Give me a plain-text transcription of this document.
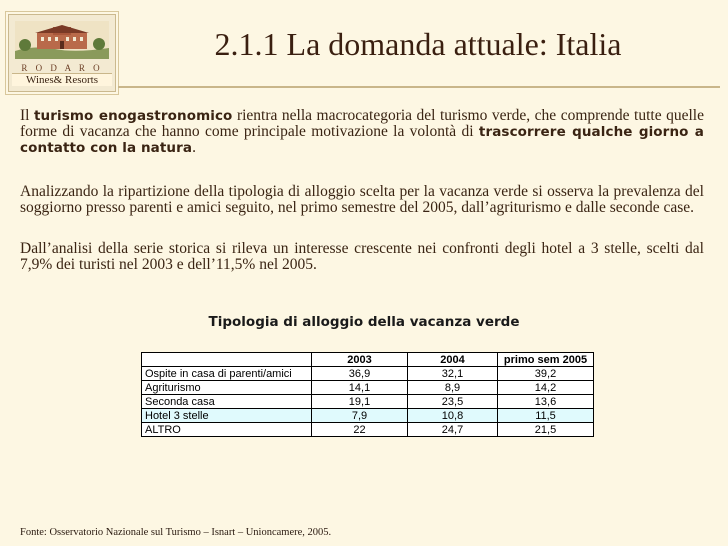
R O D A R O
Wines& Resorts
2.1.1 La domanda attuale: Italia
Il turismo enogastronomico rientra nella macrocategoria del turismo verde, che comprende tutte quelle forme di vacanza che hanno come principale motivazione la volontà di trascorrere qualche giorno a contatto con la natura.
Analizzando la ripartizione della tipologia di alloggio scelta per la vacanza verde si osserva la prevalenza del soggiorno presso parenti e amici seguito, nel primo semestre del 2005, dall’agriturismo e dalle seconde case.
Dall’analisi della serie storica si rileva un interesse crescente nei confronti degli hotel a 3 stelle, scelti dal 7,9% dei turisti nel 2003 e dell’11,5% nel 2005.
Tipologia di alloggio della vacanza verde
	2003	2004	primo sem 2005
Ospite in casa di parenti/amici	36,9	32,1	39,2
Agriturismo	14,1	8,9	14,2
Seconda casa	19,1	23,5	13,6
Hotel 3 stelle	7,9	10,8	11,5
ALTRO	22	24,7	21,5
Fonte: Osservatorio Nazionale sul Turismo – Isnart – Unioncamere, 2005.
